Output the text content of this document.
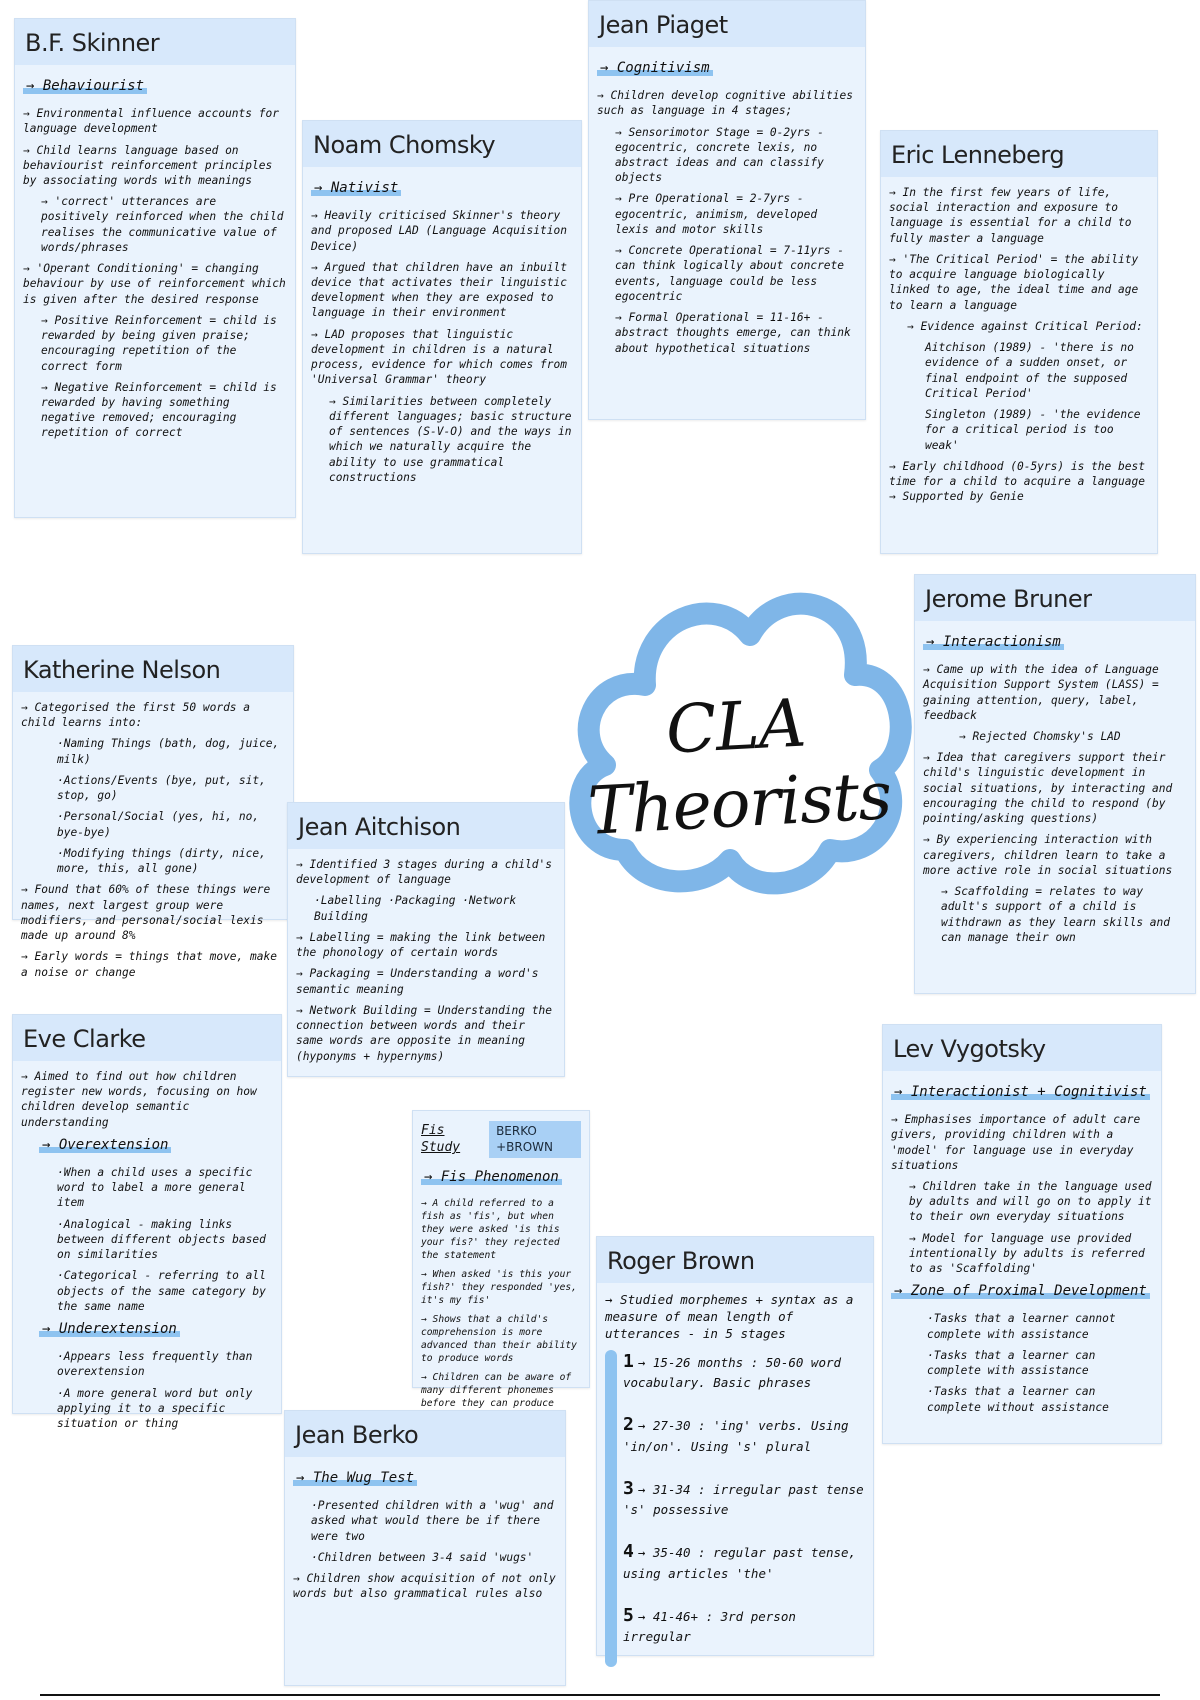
B.F. Skinner
→ Behaviourist
→ Environmental influence accounts for language development
→ Child learns language based on behaviourist reinforcement principles by associating words with meanings
→ 'correct' utterances are positively reinforced when the child realises the communicative value of words/phrases
→ 'Operant Conditioning' = changing behaviour by use of reinforcement which is given after the desired response
→ Positive Reinforcement = child is rewarded by being given praise; encouraging repetition of the correct form
→ Negative Reinforcement = child is rewarded by having something negative removed; encouraging repetition of correct
Noam Chomsky
→ Nativist
→ Heavily criticised Skinner's theory and proposed LAD (Language Acquisition Device)
→ Argued that children have an inbuilt device that activates their linguistic development when they are exposed to language in their environment
→ LAD proposes that linguistic development in children is a natural process, evidence for which comes from 'Universal Grammar' theory
→ Similarities between completely different languages; basic structure of sentences (S-V-O) and the ways in which we naturally acquire the ability to use grammatical constructions
Jean Piaget
→ Cognitivism
→ Children develop cognitive abilities such as language in 4 stages;
→ Sensorimotor Stage = 0-2yrs - egocentric, concrete lexis, no abstract ideas and can classify objects
→ Pre Operational = 2-7yrs - egocentric, animism, developed lexis and motor skills
→ Concrete Operational = 7-11yrs - can think logically about concrete events, language could be less egocentric
→ Formal Operational = 11-16+ - abstract thoughts emerge, can think about hypothetical situations
Eric Lenneberg
→ In the first few years of life, social interaction and exposure to language is essential for a child to fully master a language
→ 'The Critical Period' = the ability to acquire language biologically linked to age, the ideal time and age to learn a language
→ Evidence against Critical Period:
Aitchison (1989) - 'there is no evidence of a sudden onset, or final endpoint of the supposed Critical Period'
Singleton (1989) - 'the evidence for a critical period is too weak'
→ Early childhood (0-5yrs) is the best time for a child to acquire a language → Supported by Genie
CLA Theorists
Katherine Nelson
→ Categorised the first 50 words a child learns into:
·Naming Things (bath, dog, juice, milk)
·Actions/Events (bye, put, sit, stop, go)
·Personal/Social (yes, hi, no, bye-bye)
·Modifying things (dirty, nice, more, this, all gone)
→ Found that 60% of these things were names, next largest group were modifiers, and personal/social lexis made up around 8%
→ Early words = things that move, make a noise or change
Jean Aitchison
→ Identified 3 stages during a child's development of language
·Labelling ·Packaging ·Network Building
→ Labelling = making the link between the phonology of certain words
→ Packaging = Understanding a word's semantic meaning
→ Network Building = Understanding the connection between words and their same words are opposite in meaning (hyponyms + hypernyms)
Jerome Bruner
→ Interactionism
→ Came up with the idea of Language Acquisition Support System (LASS) = gaining attention, query, label, feedback
→ Rejected Chomsky's LAD
→ Idea that caregivers support their child's linguistic development in social situations, by interacting and encouraging the child to respond (by pointing/asking questions)
→ By experiencing interaction with caregivers, children learn to take a more active role in social situations
→ Scaffolding = relates to way adult's support of a child is withdrawn as they learn skills and can manage their own
Eve Clarke
→ Aimed to find out how children register new words, focusing on how children develop semantic understanding
→ Overextension
·When a child uses a specific word to label a more general item
·Analogical - making links between different objects based on similarities
·Categorical - referring to all objects of the same category by the same name
→ Underextension
·Appears less frequently than overextension
·A more general word but only applying it to a specific situation or thing
Fis Study
BERKO +BROWN
→ Fis Phenomenon
→ A child referred to a fish as 'fis', but when they were asked 'is this your fis?' they rejected the statement
→ When asked 'is this your fish?' they responded 'yes, it's my fis'
→ Shows that a child's comprehension is more advanced than their ability to produce words
→ Children can be aware of many different phonemes before they can produce
Lev Vygotsky
→ Interactionist + Cognitivist
→ Emphasises importance of adult care givers, providing children with a 'model' for language use in everyday situations
→ Children take in the language used by adults and will go on to apply it to their own everyday situations
→ Model for language use provided intentionally by adults is referred to as 'Scaffolding'
→ Zone of Proximal Development
·Tasks that a learner cannot complete with assistance
·Tasks that a learner can complete with assistance
·Tasks that a learner can complete without assistance
Roger Brown
→ Studied morphemes + syntax as a measure of mean length of utterances - in 5 stages
1 → 15-26 months : 50-60 word vocabulary. Basic phrases
2 → 27-30 : 'ing' verbs. Using 'in/on'. Using 's' plural
3 → 31-34 : irregular past tense 's' possessive
4 → 35-40 : regular past tense, using articles 'the'
5 → 41-46+ : 3rd person irregular
Jean Berko
→ The Wug Test
·Presented children with a 'wug' and asked what would there be if there were two
·Children between 3-4 said 'wugs'
→ Children show acquisition of not only words but also grammatical rules also
